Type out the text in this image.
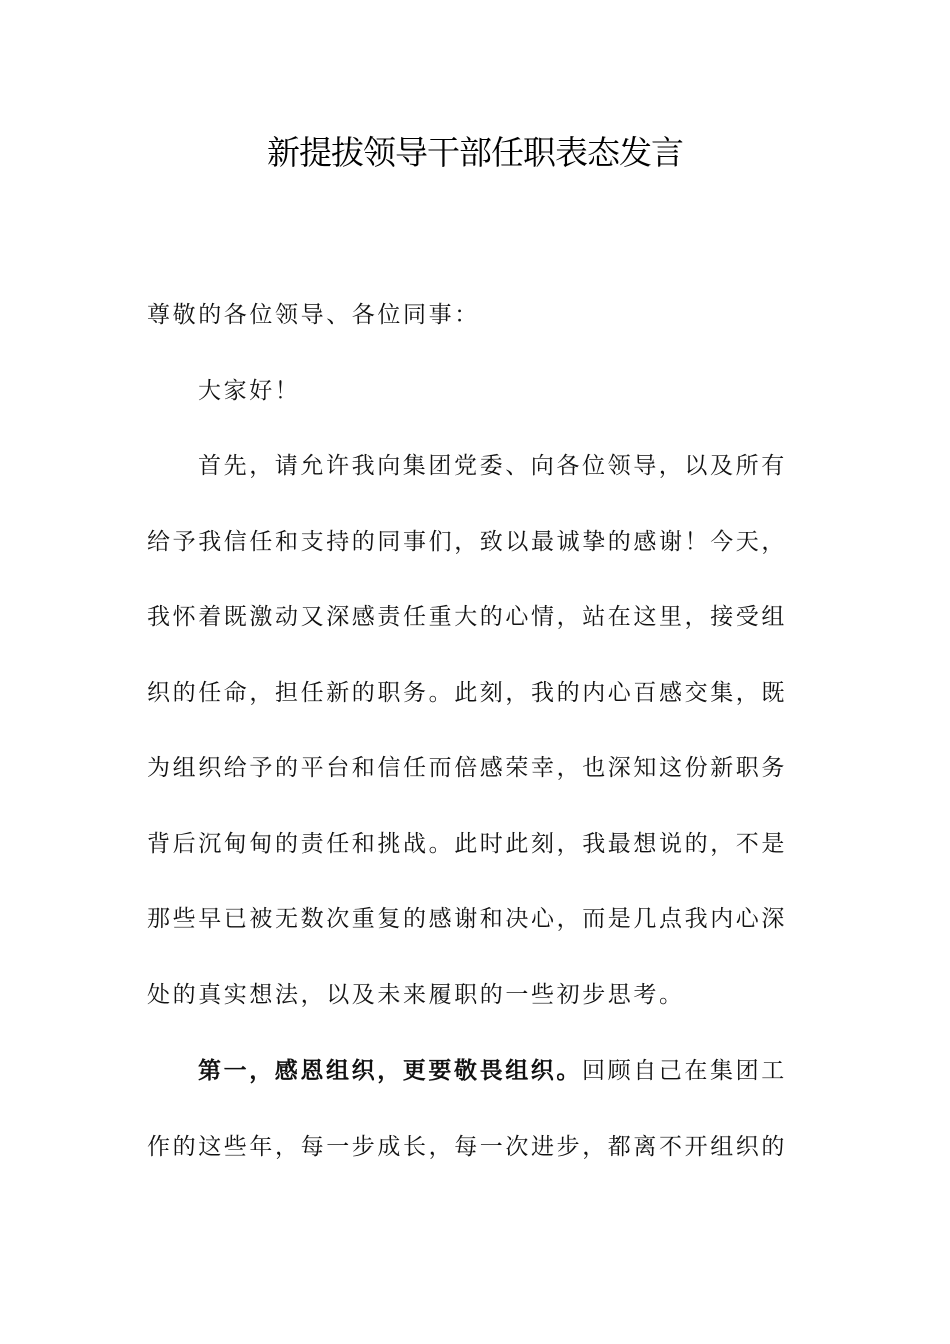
新提拔领导干部任职表态发言

尊敬的各位领导、各位同事：

大家好！

首先，请允许我向集团党委、向各位领导，以及所有给予我信任和支持的同事们，致以最诚挚的感谢！今天，我怀着既激动又深感责任重大的心情，站在这里，接受组织的任命，担任新的职务。此刻，我的内心百感交集，既为组织给予的平台和信任而倍感荣幸，也深知这份新职务背后沉甸甸的责任和挑战。此时此刻，我最想说的，不是那些早已被无数次重复的感谢和决心，而是几点我内心深处的真实想法，以及未来履职的一些初步思考。

第一，感恩组织，更要敬畏组织。回顾自己在集团工作的这些年，每一步成长，每一次进步，都离不开组织的
